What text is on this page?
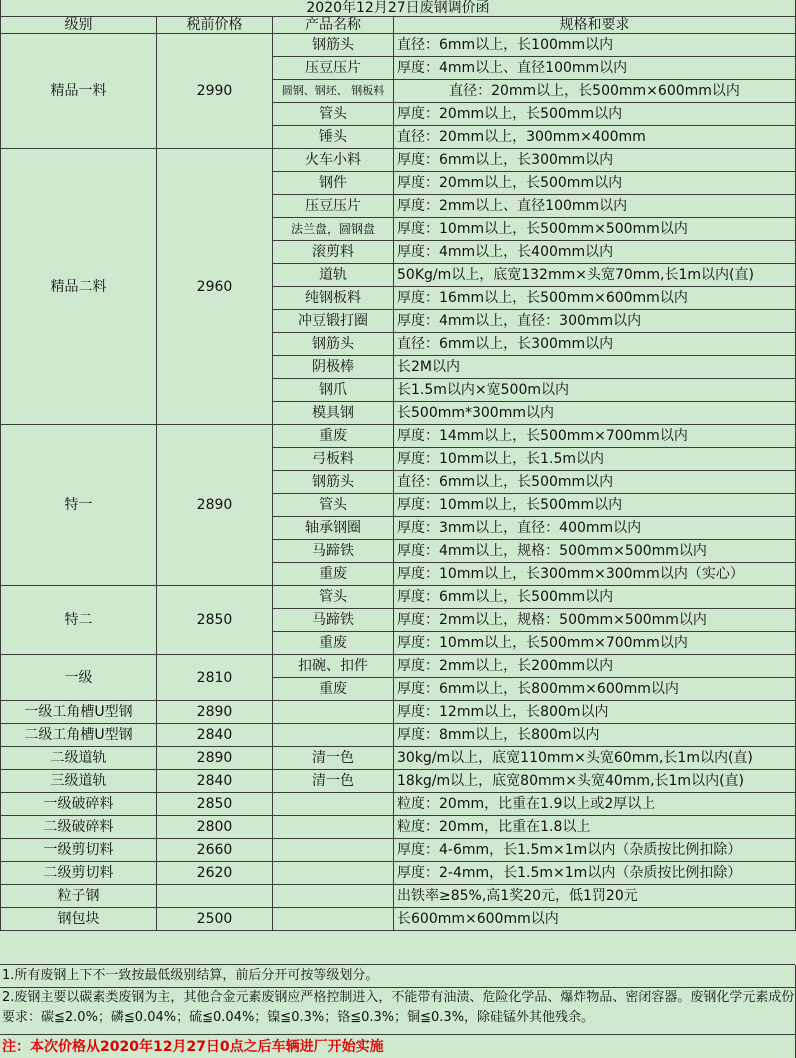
2020年12月27日废钢调价函			
级别	税前价格	产品名称	规格和要求
精品一料	2990	钢筋头	直径：6mm以上，长100mm以内
		压豆压片	厚度：4mm以上、直径100mm以内
		圆钢、钢坯、 钢板料	直径：20mm以上，长500mm×600mm以内
		管头	厚度：20mm以上，长500mm以内
		锤头	直径：20mm以上，300mm×400mm
精品二料	2960	火车小料	厚度：6mm以上，长300mm以内
		钢件	厚度：20mm以上，长500mm以内
		压豆压片	厚度：2mm以上、直径100mm以内
		法兰盘，圆钢盘	厚度：10mm以上，长500mm×500mm以内
		滚剪料	厚度：4mm以上，长400mm以内
		道轨	50Kg/m以上，底宽132mm×头宽70mm,长1m以内(直)
		纯钢板料	厚度：16mm以上，长500mm×600mm以内
		冲豆锻打圈	厚度：4mm以上，直径：300mm以内
		钢筋头	直径：6mm以上，长300mm以内
		阴极棒	长2M以内
		钢爪	长1.5m以内×宽500m以内
		模具钢	长500mm*300mm以内
特一	2890	重废	厚度：14mm以上，长500mm×700mm以内
		弓板料	厚度：10mm以上，长1.5m以内
		钢筋头	直径：6mm以上，长500mm以内
		管头	厚度：10mm以上，长500mm以内
		轴承钢圈	厚度：3mm以上，直径：400mm以内
		马蹄铁	厚度：4mm以上，规格：500mm×500mm以内
		重废	厚度：10mm以上，长300mm×300mm以内（实心）
特二	2850	管头	厚度：6mm以上，长500mm以内
		马蹄铁	厚度：2mm以上，规格：500mm×500mm以内
		重废	厚度：10mm以上，长500mm×700mm以内
一级	2810	扣碗、扣件	厚度：2mm以上，长200mm以内
		重废	厚度：6mm以上，长800mm×600mm以内
一级工角槽U型钢	2890		厚度：12mm以上，长800m以内
二级工角槽U型钢	2840		厚度：8mm以上，长800m以内
二级道轨	2890	清一色	30kg/m以上，底宽110mm×头宽60mm,长1m以内(直)
三级道轨	2840	清一色	18kg/m以上，底宽80mm×头宽40mm,长1m以内(直)
一级破碎料	2850		粒度：20mm，比重在1.9以上或2厚以上
二级破碎料	2800		粒度：20mm，比重在1.8以上
一级剪切料	2660		厚度：4-6mm，长1.5m×1m以内（杂质按比例扣除）
二级剪切料	2620		厚度：2-4mm，长1.5m×1m以内（杂质按比例扣除）
粒子钢			出铁率≥85%,高1奖20元，低1罚20元
钢包块	2500		长600mm×600mm以内
1.所有废钢上下不一致按最低级别结算，前后分开可按等级划分。
2.废钢主要以碳素类废钢为主，其他合金元素废钢应严格控制进入，不能带有油渍、危险化学品、爆炸物品、密闭容器。废钢化学元素成份要求：碳≦2.0%；磷≦0.04%；硫≦0.04%；镍≦0.3%；铬≦0.3%；铜≦0.3%，除硅锰外其他残余。
注：本次价格从2020年12月27日0点之后车辆进厂开始实施
